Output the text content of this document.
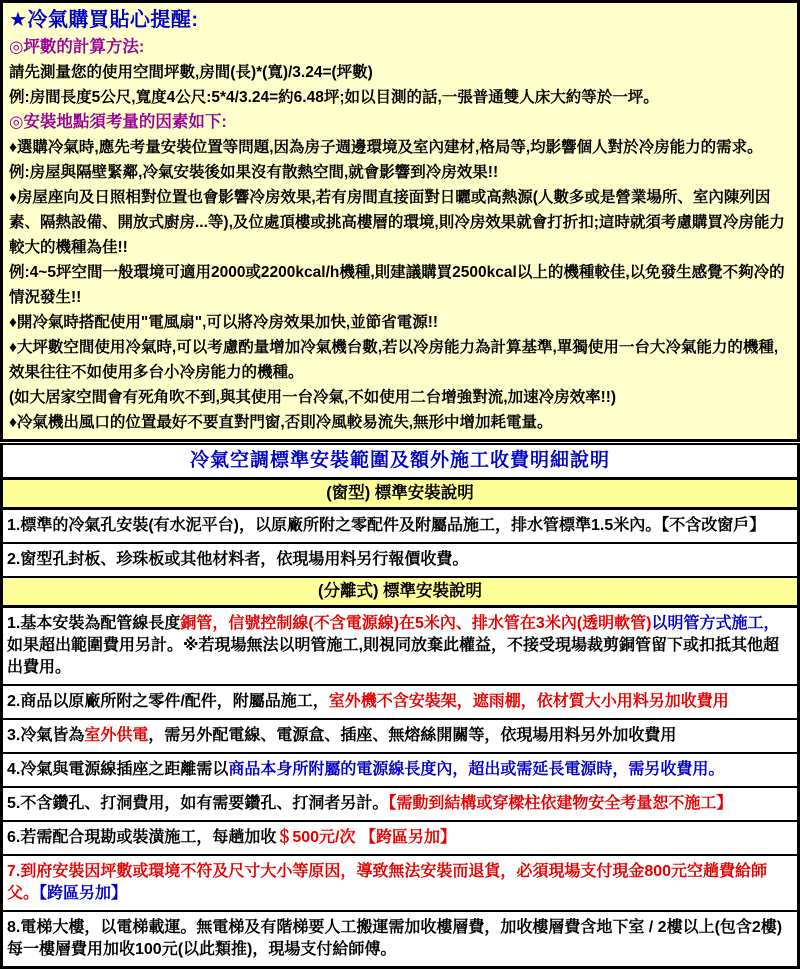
★冷氣購買貼心提醒:
◎坪數的計算方法:
請先測量您的使用空間坪數,房間(長)*(寬)/3.24=(坪數)
例:房間長度5公尺,寬度4公尺:5*4/3.24=約6.48坪;如以目測的話,一張普通雙人床大約等於一坪。
◎安裝地點須考量的因素如下:
♦選購冷氣時,應先考量安裝位置等問題,因為房子週邊環境及室內建材,格局等,均影響個人對於冷房能力的需求。
例:房屋與隔壁緊鄰,冷氣安裝後如果沒有散熱空間,就會影響到冷房效果!!
♦房屋座向及日照相對位置也會影響冷房效果,若有房間直接面對日曬或高熱源(人數多或是營業場所、室內陳列因素、隔熱設備、開放式廚房...等),及位處頂樓或挑高樓層的環境,則冷房效果就會打折扣;這時就須考慮購買冷房能力較大的機種為佳!!
例:4~5坪空間一般環境可適用2000或2200kcal/h機種,則建議購買2500kcal以上的機種較佳,以免發生感覺不夠冷的情況發生!!
♦開冷氣時搭配使用"電風扇",可以將冷房效果加快,並節省電源!!
♦大坪數空間使用冷氣時,可以考慮酌量增加冷氣機台數,若以冷房能力為計算基準,單獨使用一台大冷氣能力的機種,效果往往不如使用多台小冷房能力的機種。
(如大居家空間會有死角吹不到,與其使用一台冷氣,不如使用二台增強對流,加速冷房效率!!)
♦冷氣機出風口的位置最好不要直對門窗,否則冷風較易流失,無形中增加耗電量。
冷氣空調標準安裝範圍及額外施工收費明細說明
(窗型) 標準安裝說明
1.標準的冷氣孔安裝(有水泥平台)，以原廠所附之零配件及附屬品施工，排水管標準1.5米內。【不含改窗戶】
2.窗型孔封板、珍珠板或其他材料者，依現場用料另行報價收費。
(分離式) 標準安裝說明
1.基本安裝為配管線長度銅管，信號控制線(不含電源線)在5米內、排水管在3米內(透明軟管)以明管方式施工，如果超出範圍費用另計。※若現場無法以明管施工,則視同放棄此權益，不接受現場裁剪銅管留下或扣抵其他超出費用。
2.商品以原廠所附之零件/配件，附屬品施工，室外機不含安裝架，遮雨棚，依材質大小用料另加收費用
3.冷氣皆為室外供電，需另外配電線、電源盒、插座、無熔絲開關等，依現場用料另外加收費用
4.冷氣與電源線插座之距離需以商品本身所附屬的電源線長度內，超出或需延長電源時，需另收費用。
5.不含鑽孔、打洞費用，如有需要鑽孔、打洞者另計。【需動到結構或穿樑柱依建物安全考量恕不施工】
6.若需配合現勘或裝潢施工，每趟加收＄500元/次 【跨區另加】
7.到府安裝因坪數或環境不符及尺寸大小等原因，導致無法安裝而退貨，必須現場支付現金800元空趟費給師父。【跨區另加】
8.電梯大樓，以電梯載運。無電梯及有階梯要人工搬運需加收樓層費，加收樓層費含地下室 / 2樓以上(包含2樓)每一樓層費用加收100元(以此類推)，現場支付給師傅。
